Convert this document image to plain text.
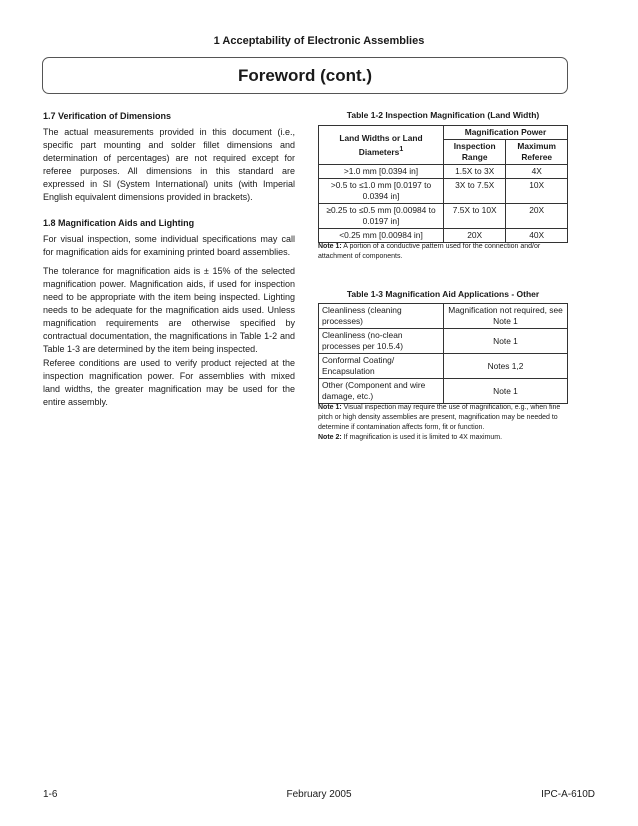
1 Acceptability of Electronic Assemblies
Foreword (cont.)
1.7 Verification of Dimensions
The actual measurements provided in this document (i.e., specific part mounting and solder fillet dimensions and determination of percentages) are not required except for referee purposes. All dimensions in this standard are expressed in SI (System International) units (with Imperial English equivalent dimensions provided in brackets).
1.8 Magnification Aids and Lighting
For visual inspection, some individual specifications may call for magnification aids for examining printed board assemblies.
The tolerance for magnification aids is ± 15% of the selected magnification power. Magnification aids, if used for inspection need to be appropriate with the item being inspected. Lighting needs to be adequate for the magnification aids used. Unless magnification requirements are otherwise specified by contractual documentation, the magnifications in Table 1-2 and Table 1-3 are determined by the item being inspected.
Referee conditions are used to verify product rejected at the inspection magnification power. For assemblies with mixed land widths, the greater magnification may be used for the entire assembly.
Table 1-2 Inspection Magnification (Land Width)
Land Widths or Land Diameters$^1$	Magnification Power	
	Inspection Range	Maximum Referee
>1.0 mm [0.0394 in]	1.5X to 3X	4X
>0.5 to ≤1.0 mm [0.0197 to 0.0394 in]	3X to 7.5X	10X
≥0.25 to ≤0.5 mm [0.00984 to 0.0197 in]	7.5X to 10X	20X
<0.25 mm [0.00984 in]	20X	40X
Note 1: A portion of a conductive pattern used for the connection and/or attachment of components.
Table 1-3 Magnification Aid Applications - Other
Cleanliness (cleaning processes)	Magnification not required, see Note 1
Cleanliness (no-clean processes per 10.5.4)	Note 1
Conformal Coating/ Encapsulation	Notes 1,2
Other (Component and wire damage, etc.)	Note 1
Note 1: Visual inspection may require the use of magnification, e.g., when fine pitch or high density assemblies are present, magnification may be needed to determine if contamination affects form, fit or function.
Note 2: If magnification is used it is limited to 4X maximum.
1-6	February 2005	IPC-A-610D
